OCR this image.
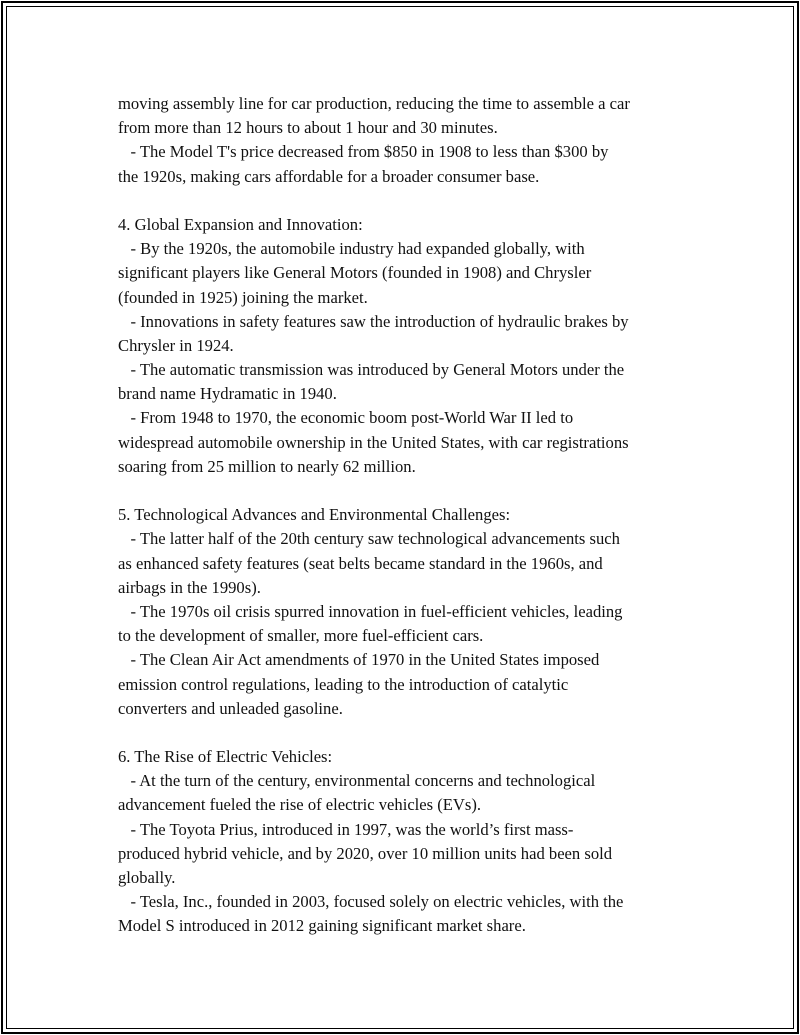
moving assembly line for car production, reducing the time to assemble a car
from more than 12 hours to about 1 hour and 30 minutes.
- The Model T's price decreased from $850 in 1908 to less than $300 by
the 1920s, making cars affordable for a broader consumer base.
4. Global Expansion and Innovation:
- By the 1920s, the automobile industry had expanded globally, with
significant players like General Motors (founded in 1908) and Chrysler
(founded in 1925) joining the market.
- Innovations in safety features saw the introduction of hydraulic brakes by
Chrysler in 1924.
- The automatic transmission was introduced by General Motors under the
brand name Hydramatic in 1940.
- From 1948 to 1970, the economic boom post-World War II led to
widespread automobile ownership in the United States, with car registrations
soaring from 25 million to nearly 62 million.
5. Technological Advances and Environmental Challenges:
- The latter half of the 20th century saw technological advancements such
as enhanced safety features (seat belts became standard in the 1960s, and
airbags in the 1990s).
- The 1970s oil crisis spurred innovation in fuel-efficient vehicles, leading
to the development of smaller, more fuel-efficient cars.
- The Clean Air Act amendments of 1970 in the United States imposed
emission control regulations, leading to the introduction of catalytic
converters and unleaded gasoline.
6. The Rise of Electric Vehicles:
- At the turn of the century, environmental concerns and technological
advancement fueled the rise of electric vehicles (EVs).
- The Toyota Prius, introduced in 1997, was the world’s first mass-
produced hybrid vehicle, and by 2020, over 10 million units had been sold
globally.
- Tesla, Inc., founded in 2003, focused solely on electric vehicles, with the
Model S introduced in 2012 gaining significant market share.
